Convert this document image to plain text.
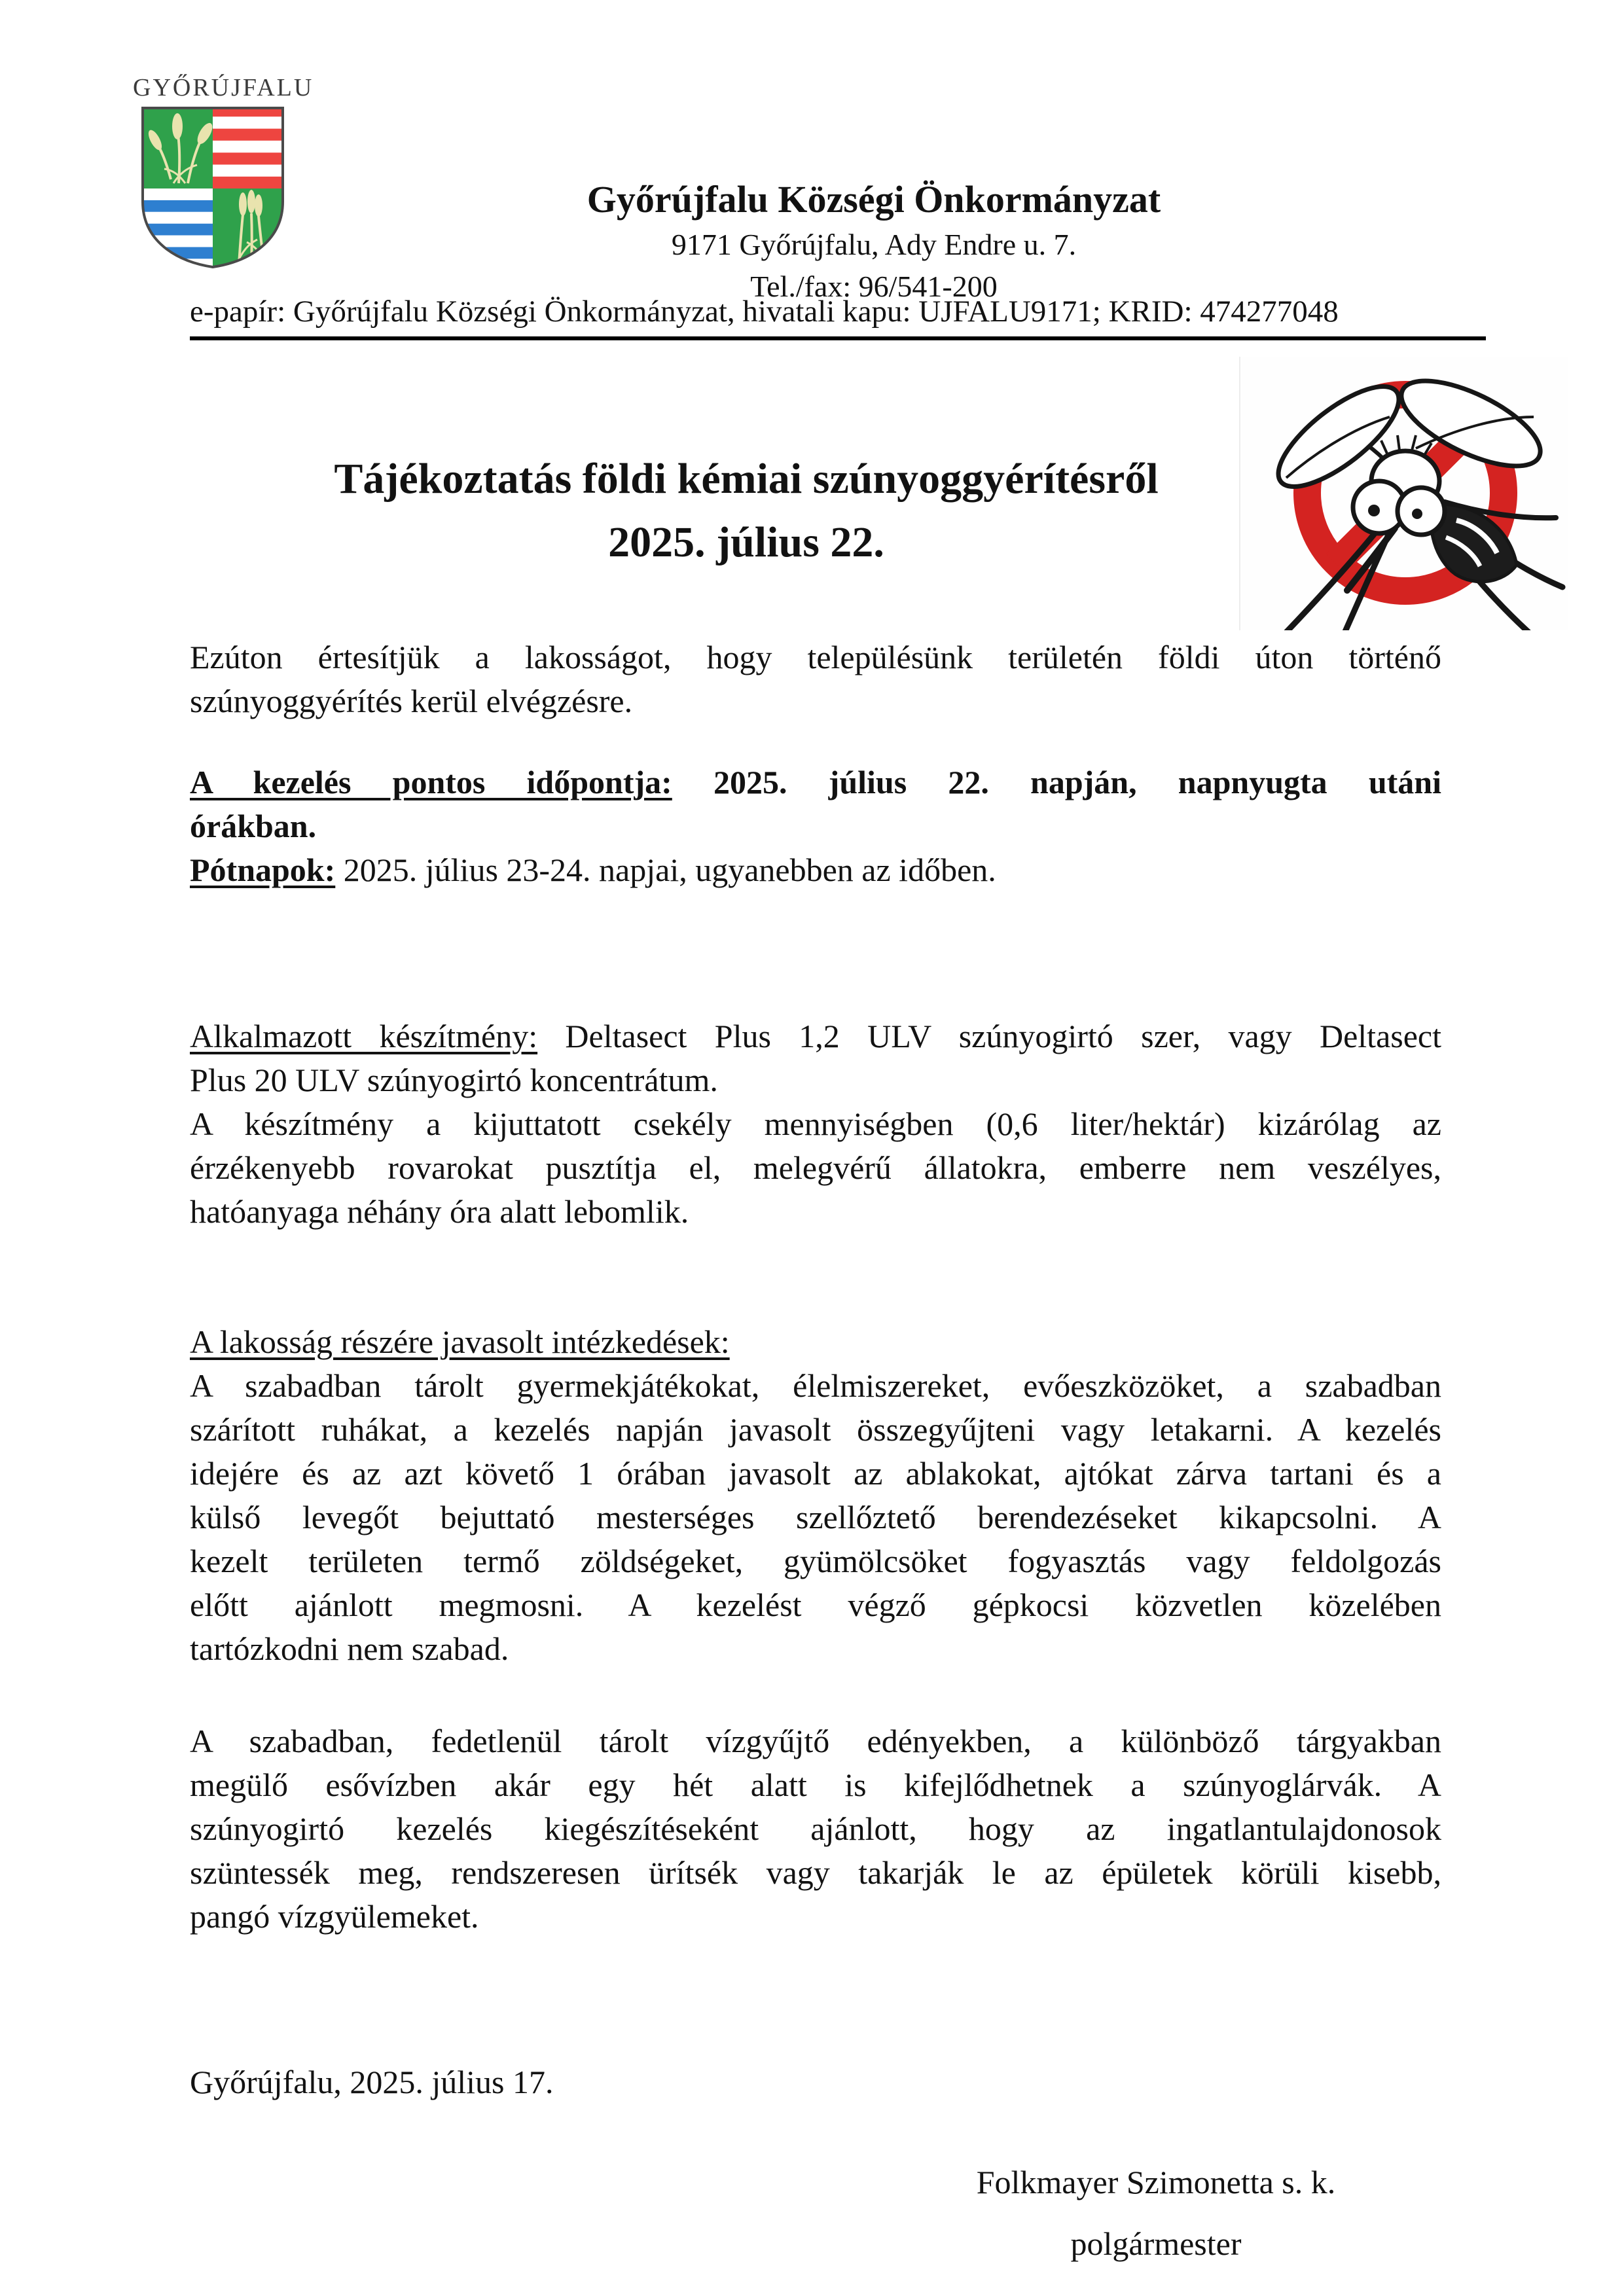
GYŐRÚJFALU
Győrújfalu Községi Önkormányzat
9171 Győrújfalu, Ady Endre u. 7.
Tel./fax: 96/541-200
e-papír: Győrújfalu Községi Önkormányzat, hivatali kapu: UJFALU9171; KRID: 474277048
Tájékoztatás földi kémiai szúnyoggyérítésről
2025. július 22.
Ezúton értesítjük a lakosságot, hogy településünk területén földi úton történő
szúnyoggyérítés kerül elvégzésre.
A kezelés pontos időpontja: 2025. július 22. napján, napnyugta utáni
órákban.
Pótnapok: 2025. július 23-24. napjai, ugyanebben az időben.
Alkalmazott készítmény: Deltasect Plus 1,2 ULV szúnyogirtó szer, vagy Deltasect
Plus 20 ULV szúnyogirtó koncentrátum.
A készítmény a kijuttatott csekély mennyiségben (0,6 liter/hektár) kizárólag az
érzékenyebb rovarokat pusztítja el, melegvérű állatokra, emberre nem veszélyes,
hatóanyaga néhány óra alatt lebomlik.
A lakosság részére javasolt intézkedések:
A szabadban tárolt gyermekjátékokat, élelmiszereket, evőeszközöket, a szabadban
szárított ruhákat, a kezelés napján javasolt összegyűjteni vagy letakarni. A kezelés
idejére és az azt követő 1 órában javasolt az ablakokat, ajtókat zárva tartani és a
külső levegőt bejuttató mesterséges szellőztető berendezéseket kikapcsolni. A
kezelt területen termő zöldségeket, gyümölcsöket fogyasztás vagy feldolgozás
előtt ajánlott megmosni. A kezelést végző gépkocsi közvetlen közelében
tartózkodni nem szabad.
A szabadban, fedetlenül tárolt vízgyűjtő edényekben, a különböző tárgyakban
megülő esővízben akár egy hét alatt is kifejlődhetnek a szúnyoglárvák. A
szúnyogirtó kezelés kiegészítéseként ajánlott, hogy az ingatlantulajdonosok
szüntessék meg, rendszeresen ürítsék vagy takarják le az épületek körüli kisebb,
pangó vízgyülemeket.
Győrújfalu, 2025. július 17.
Folkmayer Szimonetta s. k.
polgármester
